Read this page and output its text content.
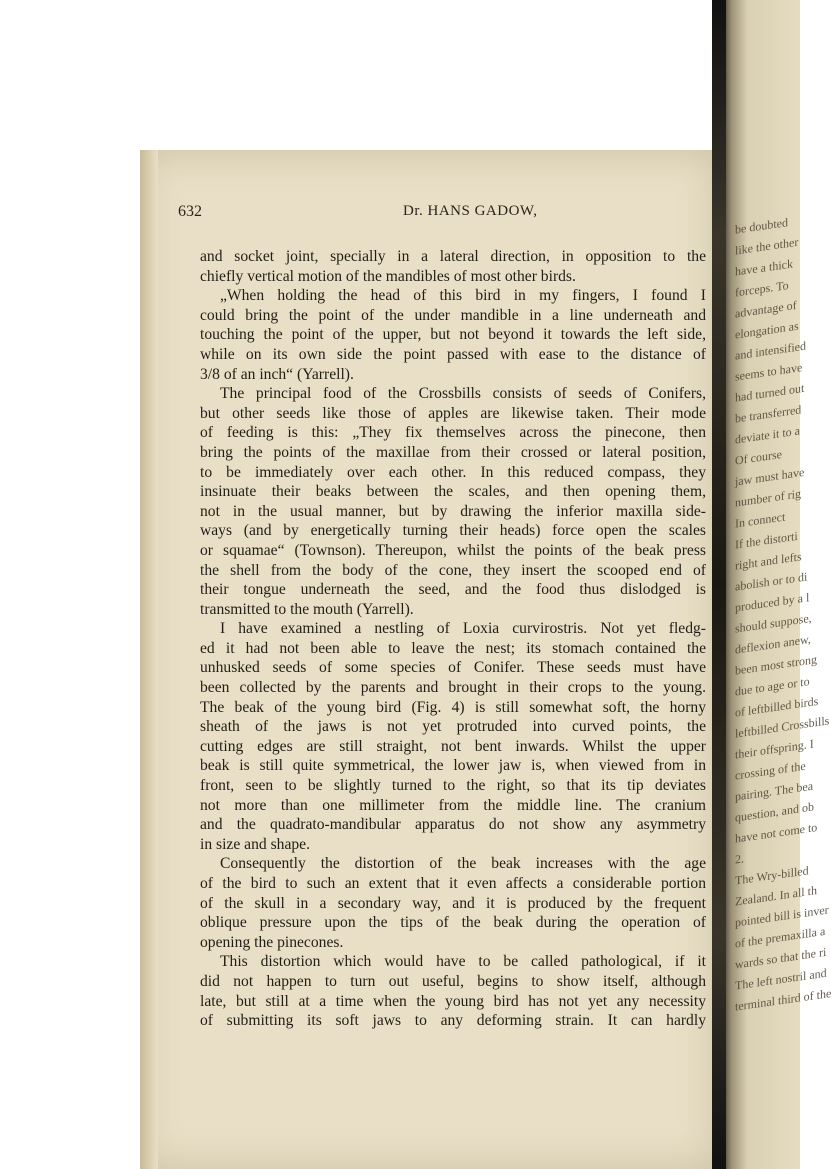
632	Dr. HANS GADOW,
and socket joint, specially in a lateral direction, in opposition to the
chiefly vertical motion of the mandibles of most other birds.
„When holding the head of this bird in my fingers, I found I
could bring the point of the under mandible in a line underneath and
touching the point of the upper, but not beyond it towards the left side,
while on its own side the point passed with ease to the distance of
3/8 of an inch“ (Yarrell).
The principal food of the Crossbills consists of seeds of Conifers,
but other seeds like those of apples are likewise taken. Their mode
of feeding is this: „They fix themselves across the pinecone, then
bring the points of the maxillae from their crossed or lateral position,
to be immediately over each other. In this reduced compass, they
insinuate their beaks between the scales, and then opening them,
not in the usual manner, but by drawing the inferior maxilla side-
ways (and by energetically turning their heads) force open the scales
or squamae“ (Townson). Thereupon, whilst the points of the beak press
the shell from the body of the cone, they insert the scooped end of
their tongue underneath the seed, and the food thus dislodged is
transmitted to the mouth (Yarrell).
I have examined a nestling of Loxia curvirostris. Not yet fledg-
ed it had not been able to leave the nest; its stomach contained the
unhusked seeds of some species of Conifer. These seeds must have
been collected by the parents and brought in their crops to the young.
The beak of the young bird (Fig. 4) is still somewhat soft, the horny
sheath of the jaws is not yet protruded into curved points, the
cutting edges are still straight, not bent inwards. Whilst the upper
beak is still quite symmetrical, the lower jaw is, when viewed from in
front, seen to be slightly turned to the right, so that its tip deviates
not more than one millimeter from the middle line. The cranium
and the quadrato-mandibular apparatus do not show any asymmetry
in size and shape.
Consequently the distortion of the beak increases with the age
of the bird to such an extent that it even affects a considerable portion
of the skull in a secondary way, and it is produced by the frequent
oblique pressure upon the tips of the beak during the operation of
opening the pinecones.
This distortion which would have to be called pathological, if it
did not happen to turn out useful, begins to show itself, although
late, but still at a time when the young bird has not yet any necessity
of submitting its soft jaws to any deforming strain. It can hardly
be doubted
like the other
have a thick
forceps. To
advantage of
elongation as
and intensified
seems to have
had turned out
be transferred
deviate it to a
Of course
jaw must have
number of rig
In connect
If the distorti
right and lefts
abolish or to di
produced by a l
should suppose,
deflexion anew,
been most strong
due to age or to
of leftbilled birds
leftbilled Crossbills
their offspring. I
crossing of the
pairing. The bea
question, and ob
have not come to
2.
The Wry-billed
Zealand. In all th
pointed bill is inver
of the premaxilla a
wards so that the ri
The left nostril and
terminal third of the
